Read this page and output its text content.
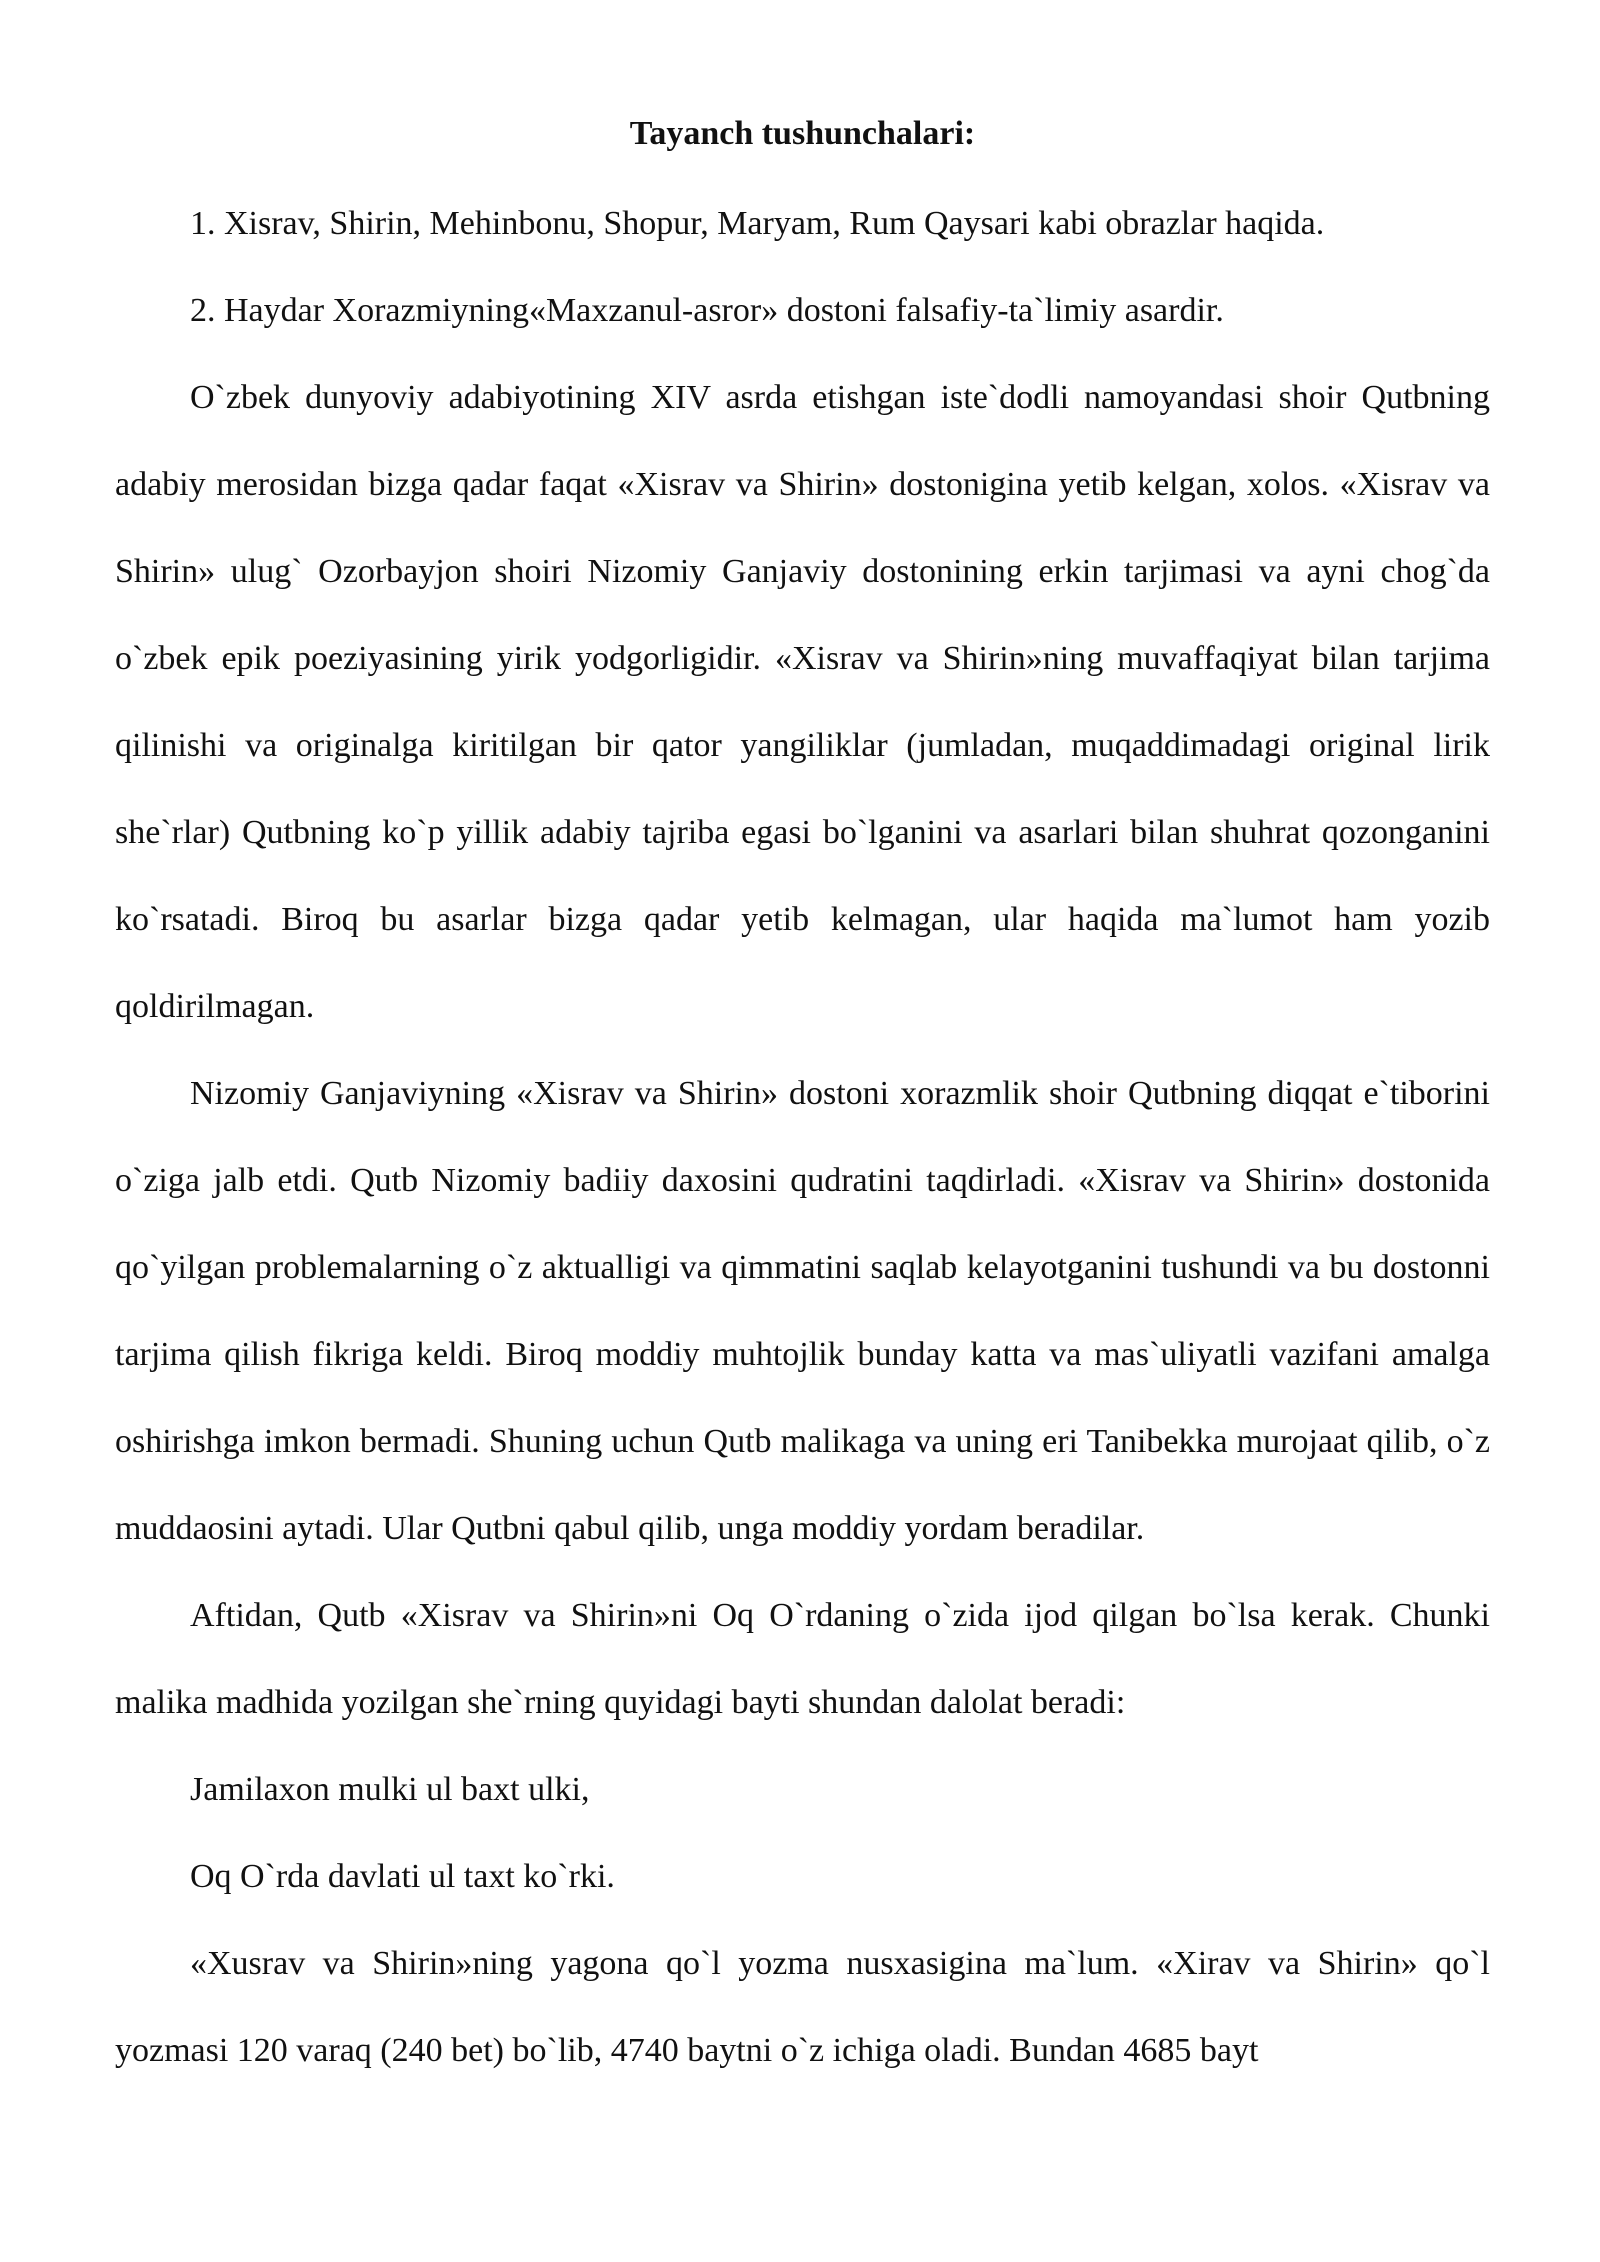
Tayanch tushunchalari:

1. Xisrav, Shirin, Mehinbonu, Shopur, Maryam, Rum Qaysari kabi obrazlar haqida.

2. Haydar Xorazmiyning«Maxzanul-asror» dostoni falsafiy-ta`limiy asardir.

O`zbek dunyoviy adabiyotining XIV asrda etishgan iste`dodli namoyandasi shoir Qutbning adabiy merosidan bizga qadar faqat «Xisrav va Shirin» dostonigina yetib kelgan, xolos. «Xisrav va Shirin» ulug` Ozorbayjon shoiri Nizomiy Ganjaviy dostonining erkin tarjimasi va ayni chog`da o`zbek epik poeziyasining yirik yodgorligidir. «Xisrav va Shirin»ning muvaffaqiyat bilan tarjima qilinishi va originalga kiritilgan bir qator yangiliklar (jumladan, muqaddimadagi original lirik she`rlar) Qutbning ko`p yillik adabiy tajriba egasi bo`lganini va asarlari bilan shuhrat qozonganini ko`rsatadi. Biroq bu asarlar bizga qadar yetib kelmagan, ular haqida ma`lumot ham yozib qoldirilmagan.

Nizomiy Ganjaviyning «Xisrav va Shirin» dostoni xorazmlik shoir Qutbning diqqat e`tiborini o`ziga jalb etdi. Qutb Nizomiy badiiy daxosini qudratini taqdirladi. «Xisrav va Shirin» dostonida qo`yilgan problemalarning o`z aktualligi va qimmatini saqlab kelayotganini tushundi va bu dostonni tarjima qilish fikriga keldi. Biroq moddiy muhtojlik bunday katta va mas`uliyatli vazifani amalga oshirishga imkon bermadi. Shuning uchun Qutb malikaga va uning eri Tanibekka murojaat qilib, o`z muddaosini aytadi. Ular Qutbni qabul qilib, unga moddiy yordam beradilar.

Aftidan, Qutb «Xisrav va Shirin»ni Oq O`rdaning o`zida ijod qilgan bo`lsa kerak. Chunki malika madhida yozilgan she`rning quyidagi bayti shundan dalolat beradi:

Jamilaxon mulki ul baxt ulki,

Oq O`rda davlati ul taxt ko`rki.

«Xusrav va Shirin»ning yagona qo`l yozma nusxasigina ma`lum. «Xirav va Shirin» qo`l yozmasi 120 varaq (240 bet) bo`lib, 4740 baytni o`z ichiga oladi. Bundan 4685 bayt
